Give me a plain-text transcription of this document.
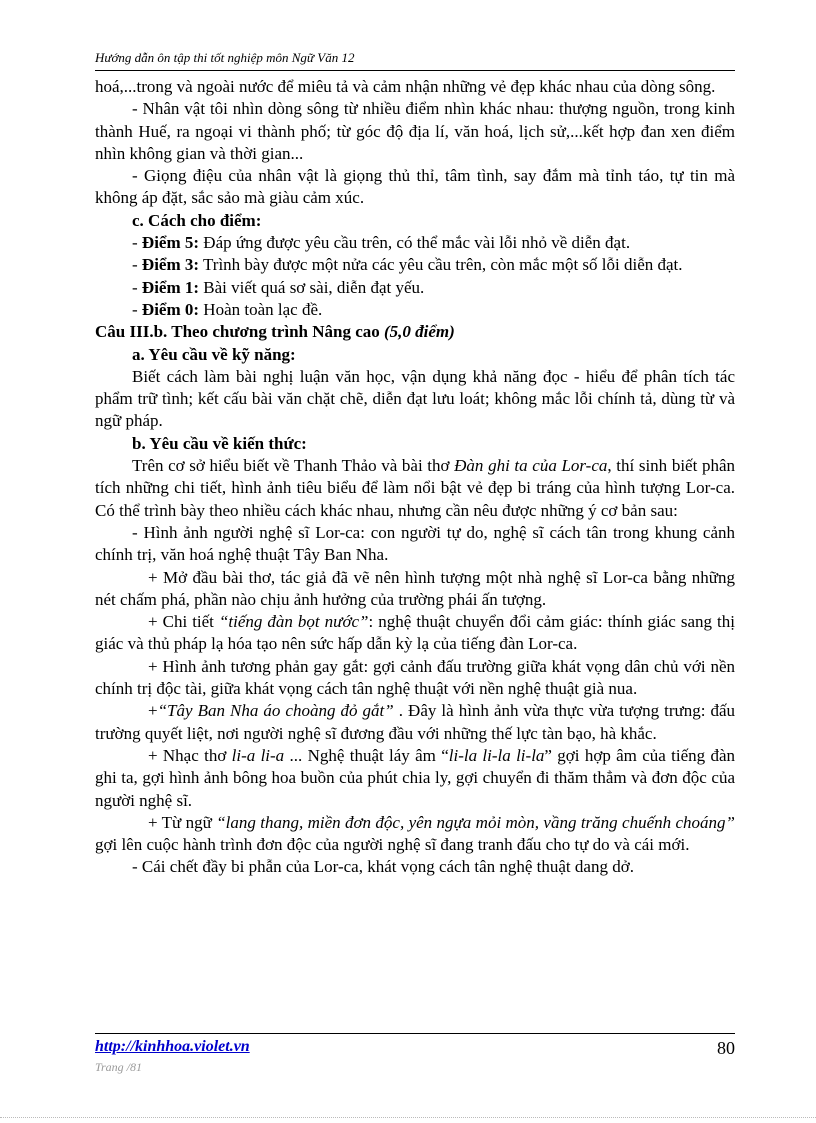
Hướng dẫn ôn tập thi tốt nghiệp môn Ngữ Văn 12

hoá,...trong và ngoài nước để miêu tả và cảm nhận những vẻ đẹp khác nhau của dòng sông.

- Nhân vật tôi nhìn dòng sông từ nhiều điểm nhìn khác nhau: thượng nguồn, trong kinh thành Huế, ra ngoại vi thành phố; từ góc độ địa lí, văn hoá, lịch sử,...kết hợp đan xen điểm nhìn không gian và thời gian...

- Giọng điệu của nhân vật là giọng thủ thỉ, tâm tình, say đắm mà tỉnh táo, tự tin mà không áp đặt, sắc sảo mà giàu cảm xúc.

c. Cách cho điểm:

- Điểm 5: Đáp ứng được yêu cầu trên, có thể mắc vài lỗi nhỏ về diễn đạt.

- Điểm 3: Trình bày được một nửa các yêu cầu trên, còn mắc một số lỗi diễn đạt.

- Điểm 1: Bài viết quá sơ sài, diễn đạt yếu.

- Điểm 0: Hoàn toàn lạc đề.

Câu III.b. Theo chương trình Nâng cao (5,0 điểm)

a. Yêu cầu về kỹ năng:

Biết cách làm bài nghị luận văn học, vận dụng khả năng đọc - hiểu để phân tích tác phẩm trữ tình; kết cấu bài văn chặt chẽ, diễn đạt lưu loát; không mắc lỗi chính tả, dùng từ và ngữ pháp.

b. Yêu cầu về kiến thức:

Trên cơ sở hiểu biết về Thanh Thảo và bài thơ Đàn ghi ta của Lor-ca, thí sinh biết phân tích những chi tiết, hình ảnh tiêu biểu để làm nổi bật vẻ đẹp bi tráng của hình tượng Lor-ca. Có thể trình bày theo nhiều cách khác nhau, nhưng cần nêu được những ý cơ bản sau:

- Hình ảnh người nghệ sĩ Lor-ca: con người tự do, nghệ sĩ cách tân trong khung cảnh chính trị, văn hoá nghệ thuật Tây Ban Nha.

+ Mở đầu bài thơ, tác giả đã vẽ nên hình tượng một nhà nghệ sĩ Lor-ca bằng những nét chấm phá, phần nào chịu ảnh hưởng của trường phái ấn tượng.

+ Chi tiết “tiếng đàn bọt nước”: nghệ thuật chuyển đổi cảm giác: thính giác sang thị giác và thủ pháp lạ hóa tạo nên sức hấp dẫn kỳ lạ của tiếng đàn Lor-ca.

+ Hình ảnh tương phản gay gắt: gợi cảnh đấu trường giữa khát vọng dân chủ với nền chính trị độc tài, giữa khát vọng cách tân nghệ thuật với nền nghệ thuật già nua.

+“Tây Ban Nha áo choàng đỏ gắt” . Đây là hình ảnh vừa thực vừa tượng trưng: đấu trường quyết liệt, nơi người nghệ sĩ đương đầu với những thế lực tàn bạo, hà khắc.

+ Nhạc thơ li-a li-a ... Nghệ thuật láy âm “li-la li-la li-la” gợi hợp âm của tiếng đàn ghi ta, gợi hình ảnh bông hoa buồn của phút chia ly, gợi chuyển đi thăm thẳm và đơn độc của người nghệ sĩ.

+ Từ ngữ “lang thang, miền đơn độc, yên ngựa mỏi mòn, vầng trăng chuếnh choáng” gợi lên cuộc hành trình đơn độc của người nghệ sĩ đang tranh đấu cho tự do và cái mới.

- Cái chết đầy bi phẫn của Lor-ca, khát vọng cách tân nghệ thuật dang dở.

http://kinhhoa.violet.vn	80
Trang /81
